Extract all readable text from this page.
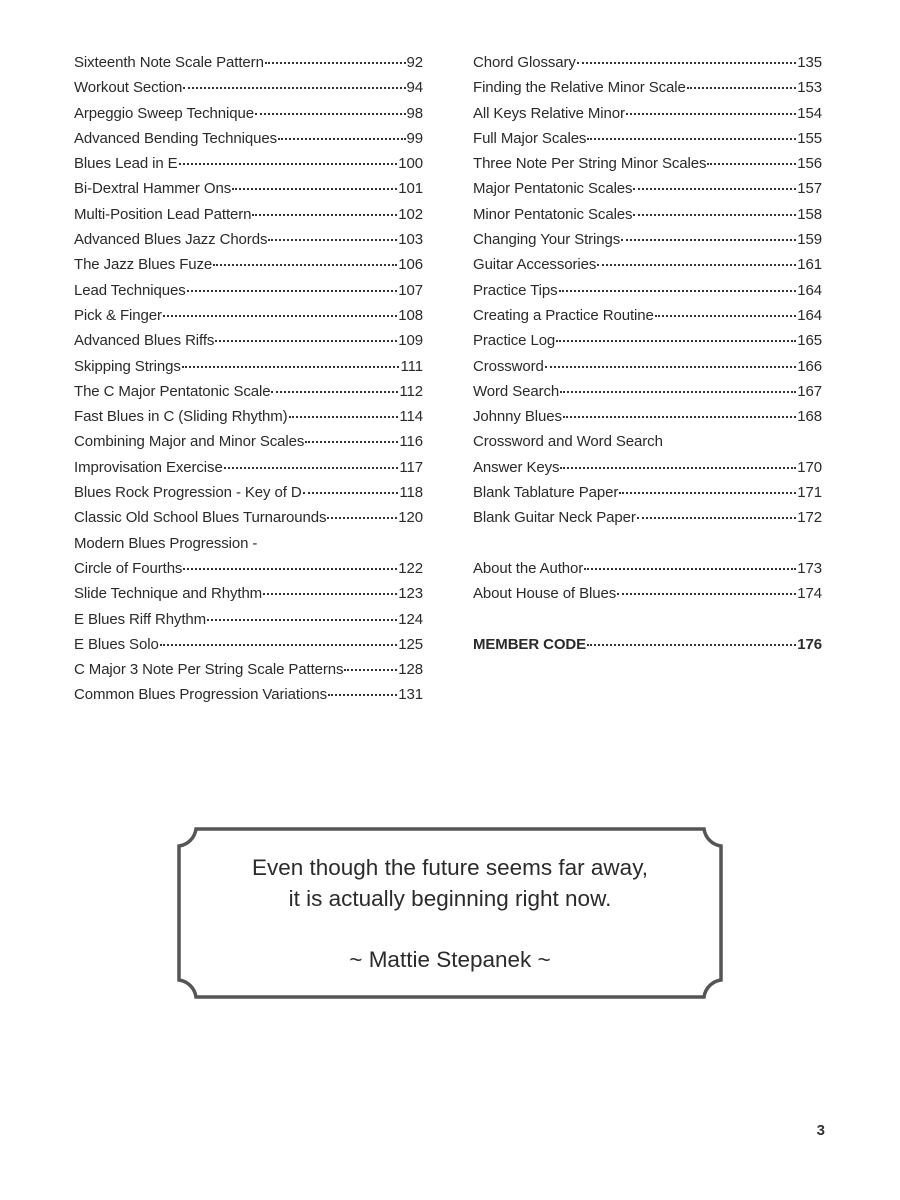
Sixteenth Note Scale Pattern	92
Workout Section	94
Arpeggio Sweep Technique	98
Advanced Bending Techniques	99
Blues Lead in E	100
Bi-Dextral Hammer Ons	101
Multi-Position Lead Pattern	102
Advanced Blues Jazz Chords	103
The Jazz Blues Fuze	106
Lead Techniques	107
Pick & Finger	108
Advanced Blues Riffs	109
Skipping Strings	111
The C Major Pentatonic Scale	112
Fast Blues in C (Sliding Rhythm)	114
Combining Major and Minor Scales	116
Improvisation Exercise	117
Blues Rock Progression - Key of D	118
Classic Old School Blues Turnarounds	120
Modern Blues Progression -
Circle of Fourths	122
Slide Technique and Rhythm	123
E Blues Riff Rhythm	124
E Blues Solo	125
C Major 3 Note Per String Scale Patterns	128
Common Blues Progression Variations	131
Chord Glossary	135
Finding the Relative Minor Scale	153
All Keys Relative Minor	154
Full Major Scales	155
Three Note Per String Minor Scales	156
Major Pentatonic Scales	157
Minor Pentatonic Scales	158
Changing Your Strings	159
Guitar Accessories	161
Practice Tips	164
Creating a Practice Routine	164
Practice Log	165
Crossword	166
Word Search	167
Johnny Blues	168
Crossword and Word Search
Answer Keys	170
Blank Tablature Paper	171
Blank Guitar Neck Paper	172
About the Author	173
About House of Blues	174
MEMBER CODE	176
Even though the future seems far away,
it is actually beginning right now.
~ Mattie Stepanek ~
3
